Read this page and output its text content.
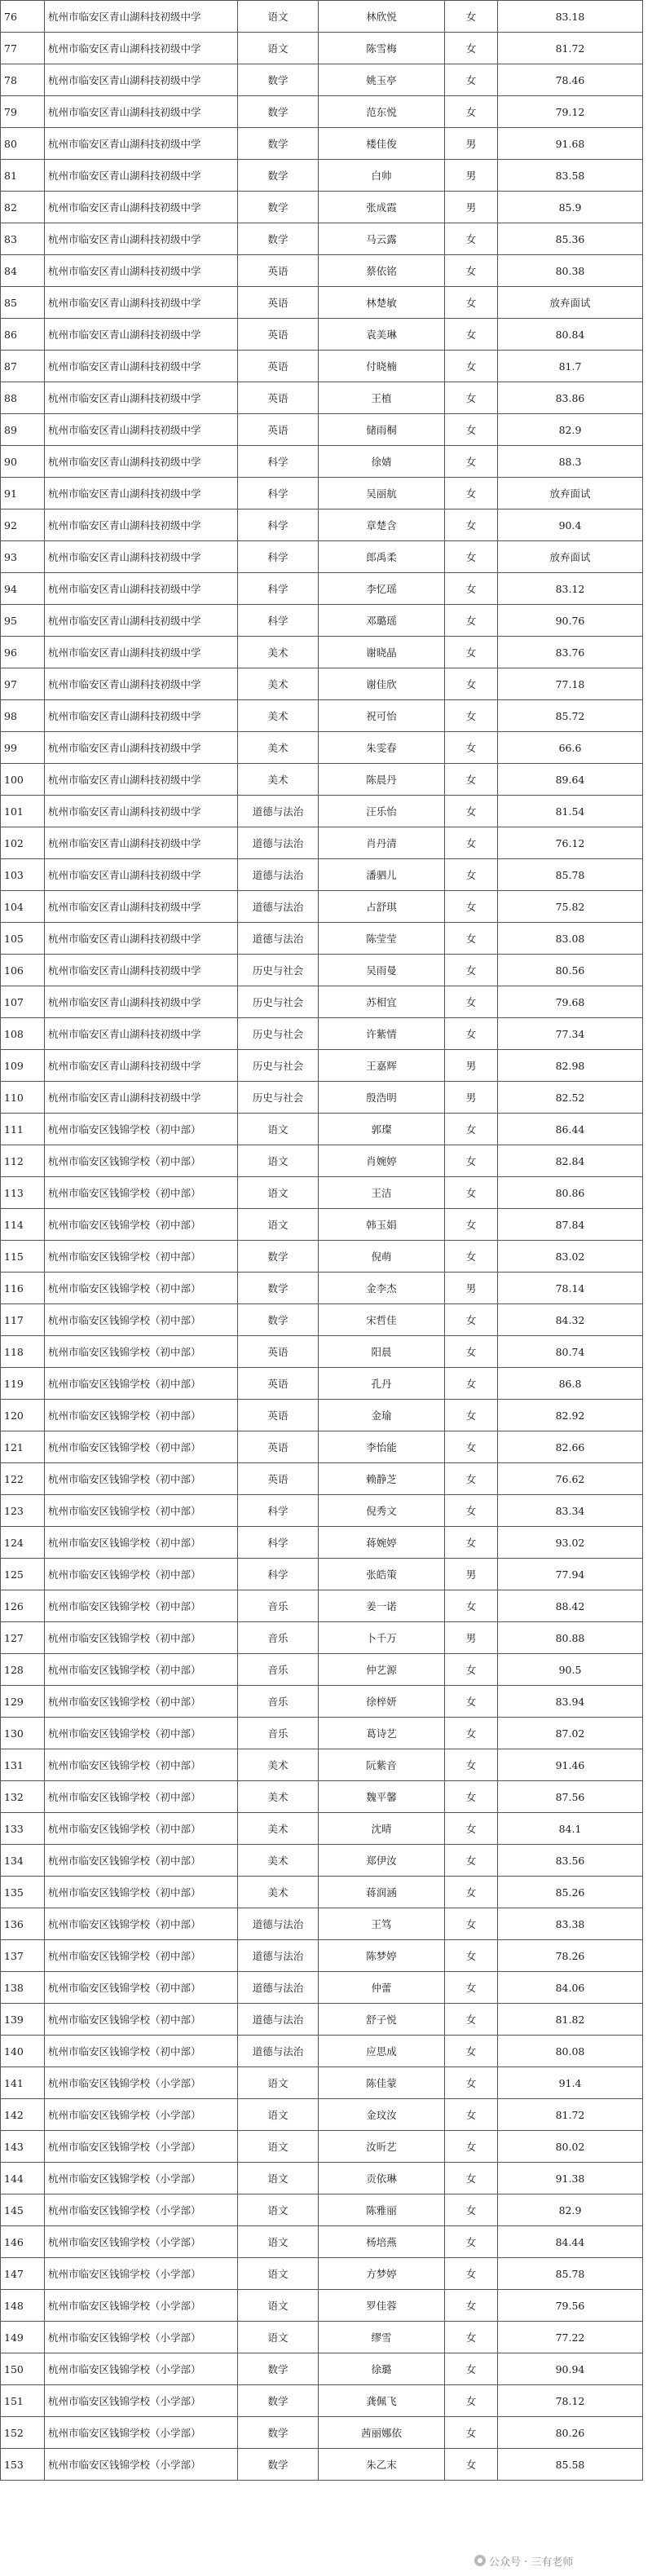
76	杭州市临安区青山湖科技初级中学	语文	林欣悦	女	83.18
77	杭州市临安区青山湖科技初级中学	语文	陈雪梅	女	81.72
78	杭州市临安区青山湖科技初级中学	数学	姚玉亭	女	78.46
79	杭州市临安区青山湖科技初级中学	数学	范东悦	女	79.12
80	杭州市临安区青山湖科技初级中学	数学	楼佳俊	男	91.68
81	杭州市临安区青山湖科技初级中学	数学	白帅	男	83.58
82	杭州市临安区青山湖科技初级中学	数学	张成霞	男	85.9
83	杭州市临安区青山湖科技初级中学	数学	马云露	女	85.36
84	杭州市临安区青山湖科技初级中学	英语	蔡依铭	女	80.38
85	杭州市临安区青山湖科技初级中学	英语	林楚敏	女	放弃面试
86	杭州市临安区青山湖科技初级中学	英语	袁美琳	女	80.84
87	杭州市临安区青山湖科技初级中学	英语	付晓楠	女	81.7
88	杭州市临安区青山湖科技初级中学	英语	王植	女	83.86
89	杭州市临安区青山湖科技初级中学	英语	储雨桐	女	82.9
90	杭州市临安区青山湖科技初级中学	科学	徐婧	女	88.3
91	杭州市临安区青山湖科技初级中学	科学	吴丽航	女	放弃面试
92	杭州市临安区青山湖科技初级中学	科学	章楚含	女	90.4
93	杭州市临安区青山湖科技初级中学	科学	郎禹柔	女	放弃面试
94	杭州市临安区青山湖科技初级中学	科学	李忆瑶	女	83.12
95	杭州市临安区青山湖科技初级中学	科学	邓璐瑶	女	90.76
96	杭州市临安区青山湖科技初级中学	美术	谢晓晶	女	83.76
97	杭州市临安区青山湖科技初级中学	美术	谢佳欣	女	77.18
98	杭州市临安区青山湖科技初级中学	美术	祝可怡	女	85.72
99	杭州市临安区青山湖科技初级中学	美术	朱雯春	女	66.6
100	杭州市临安区青山湖科技初级中学	美术	陈晨丹	女	89.64
101	杭州市临安区青山湖科技初级中学	道德与法治	汪乐怡	女	81.54
102	杭州市临安区青山湖科技初级中学	道德与法治	肖丹清	女	76.12
103	杭州市临安区青山湖科技初级中学	道德与法治	潘驷儿	女	85.78
104	杭州市临安区青山湖科技初级中学	道德与法治	占舒琪	女	75.82
105	杭州市临安区青山湖科技初级中学	道德与法治	陈莹莹	女	83.08
106	杭州市临安区青山湖科技初级中学	历史与社会	吴雨曼	女	80.56
107	杭州市临安区青山湖科技初级中学	历史与社会	苏相宜	女	79.68
108	杭州市临安区青山湖科技初级中学	历史与社会	许紫情	女	77.34
109	杭州市临安区青山湖科技初级中学	历史与社会	王嘉辉	男	82.98
110	杭州市临安区青山湖科技初级中学	历史与社会	殷浩明	男	82.52
111	杭州市临安区钱锦学校（初中部）	语文	郭璨	女	86.44
112	杭州市临安区钱锦学校（初中部）	语文	肖婉婷	女	82.84
113	杭州市临安区钱锦学校（初中部）	语文	王洁	女	80.86
114	杭州市临安区钱锦学校（初中部）	语文	韩玉娟	女	87.84
115	杭州市临安区钱锦学校（初中部）	数学	倪萌	女	83.02
116	杭州市临安区钱锦学校（初中部）	数学	金李杰	男	78.14
117	杭州市临安区钱锦学校（初中部）	数学	宋哲佳	女	84.32
118	杭州市临安区钱锦学校（初中部）	英语	阳晨	女	80.74
119	杭州市临安区钱锦学校（初中部）	英语	孔丹	女	86.8
120	杭州市临安区钱锦学校（初中部）	英语	金瑜	女	82.92
121	杭州市临安区钱锦学校（初中部）	英语	李怡能	女	82.66
122	杭州市临安区钱锦学校（初中部）	英语	赖静芝	女	76.62
123	杭州市临安区钱锦学校（初中部）	科学	倪秀文	女	83.34
124	杭州市临安区钱锦学校（初中部）	科学	蒋婉婷	女	93.02
125	杭州市临安区钱锦学校（初中部）	科学	张皓策	男	77.94
126	杭州市临安区钱锦学校（初中部）	音乐	姜一诺	女	88.42
127	杭州市临安区钱锦学校（初中部）	音乐	卜千万	男	80.88
128	杭州市临安区钱锦学校（初中部）	音乐	仲艺源	女	90.5
129	杭州市临安区钱锦学校（初中部）	音乐	徐梓妍	女	83.94
130	杭州市临安区钱锦学校（初中部）	音乐	葛诗艺	女	87.02
131	杭州市临安区钱锦学校（初中部）	美术	阮紫音	女	91.46
132	杭州市临安区钱锦学校（初中部）	美术	魏平馨	女	87.56
133	杭州市临安区钱锦学校（初中部）	美术	沈晴	女	84.1
134	杭州市临安区钱锦学校（初中部）	美术	郑伊汝	女	83.56
135	杭州市临安区钱锦学校（初中部）	美术	蒋润涵	女	85.26
136	杭州市临安区钱锦学校（初中部）	道德与法治	王笃	女	83.38
137	杭州市临安区钱锦学校（初中部）	道德与法治	陈梦婷	女	78.26
138	杭州市临安区钱锦学校（初中部）	道德与法治	仲蕾	女	84.06
139	杭州市临安区钱锦学校（初中部）	道德与法治	舒子悦	女	81.82
140	杭州市临安区钱锦学校（初中部）	道德与法治	应思成	女	80.08
141	杭州市临安区钱锦学校（小学部）	语文	陈佳蒙	女	91.4
142	杭州市临安区钱锦学校（小学部）	语文	金玟汝	女	81.72
143	杭州市临安区钱锦学校（小学部）	语文	汝昕艺	女	80.02
144	杭州市临安区钱锦学校（小学部）	语文	贡依琳	女	91.38
145	杭州市临安区钱锦学校（小学部）	语文	陈雅丽	女	82.9
146	杭州市临安区钱锦学校（小学部）	语文	杨培燕	女	84.44
147	杭州市临安区钱锦学校（小学部）	语文	方梦婷	女	85.78
148	杭州市临安区钱锦学校（小学部）	语文	罗佳蓉	女	79.56
149	杭州市临安区钱锦学校（小学部）	语文	缪雪	女	77.22
150	杭州市临安区钱锦学校（小学部）	数学	徐璐	女	90.94
151	杭州市临安区钱锦学校（小学部）	数学	龚佩飞	女	78.12
152	杭州市临安区钱锦学校（小学部）	数学	茜丽娜依	女	80.26
153	杭州市临安区钱锦学校（小学部）	数学	朱乙末	女	85.58
公众号 · 三有老师
